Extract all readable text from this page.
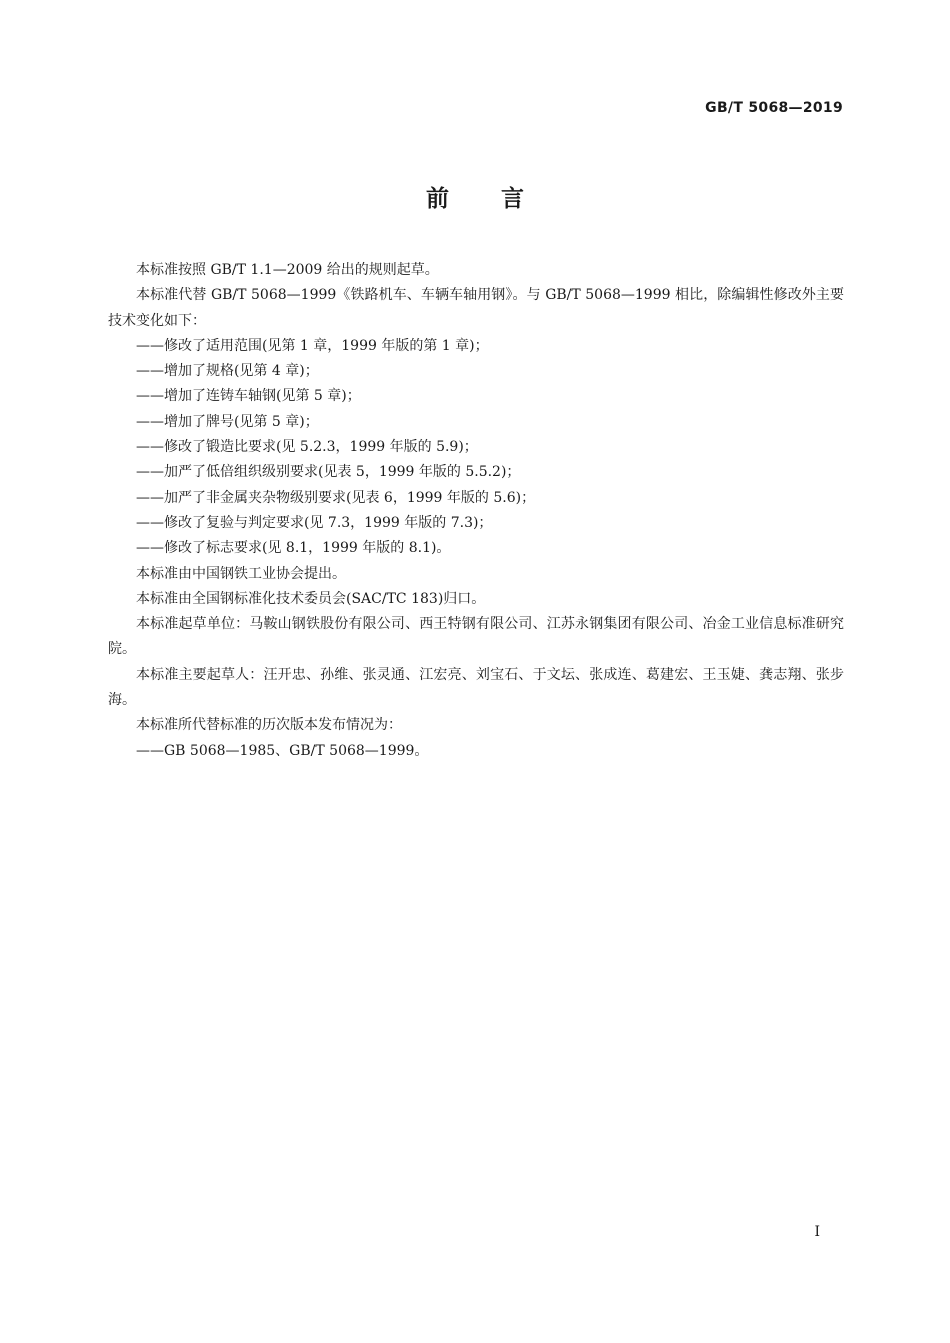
GB/T 5068—2019
前言

本标准按照 GB/T 1.1—2009 给出的规则起草。

本标准代替 GB/T 5068—1999《铁路机车、车辆车轴用钢》。与 GB/T 5068—1999 相比，除编辑性修改外主要技术变化如下：

——修改了适用范围(见第 1 章，1999 年版的第 1 章)；

——增加了规格(见第 4 章)；

——增加了连铸车轴钢(见第 5 章)；

——增加了牌号(见第 5 章)；

——修改了锻造比要求(见 5.2.3，1999 年版的 5.9)；

——加严了低倍组织级别要求(见表 5，1999 年版的 5.5.2)；

——加严了非金属夹杂物级别要求(见表 6，1999 年版的 5.6)；

——修改了复验与判定要求(见 7.3，1999 年版的 7.3)；

——修改了标志要求(见 8.1，1999 年版的 8.1)。

本标准由中国钢铁工业协会提出。

本标准由全国钢标准化技术委员会(SAC/TC 183)归口。

本标准起草单位：马鞍山钢铁股份有限公司、西王特钢有限公司、江苏永钢集团有限公司、冶金工业信息标准研究院。

本标准主要起草人：汪开忠、孙维、张灵通、江宏亮、刘宝石、于文坛、张成连、葛建宏、王玉婕、龚志翔、张步海。

本标准所代替标准的历次版本发布情况为：

——GB 5068—1985、GB/T 5068—1999。

I
